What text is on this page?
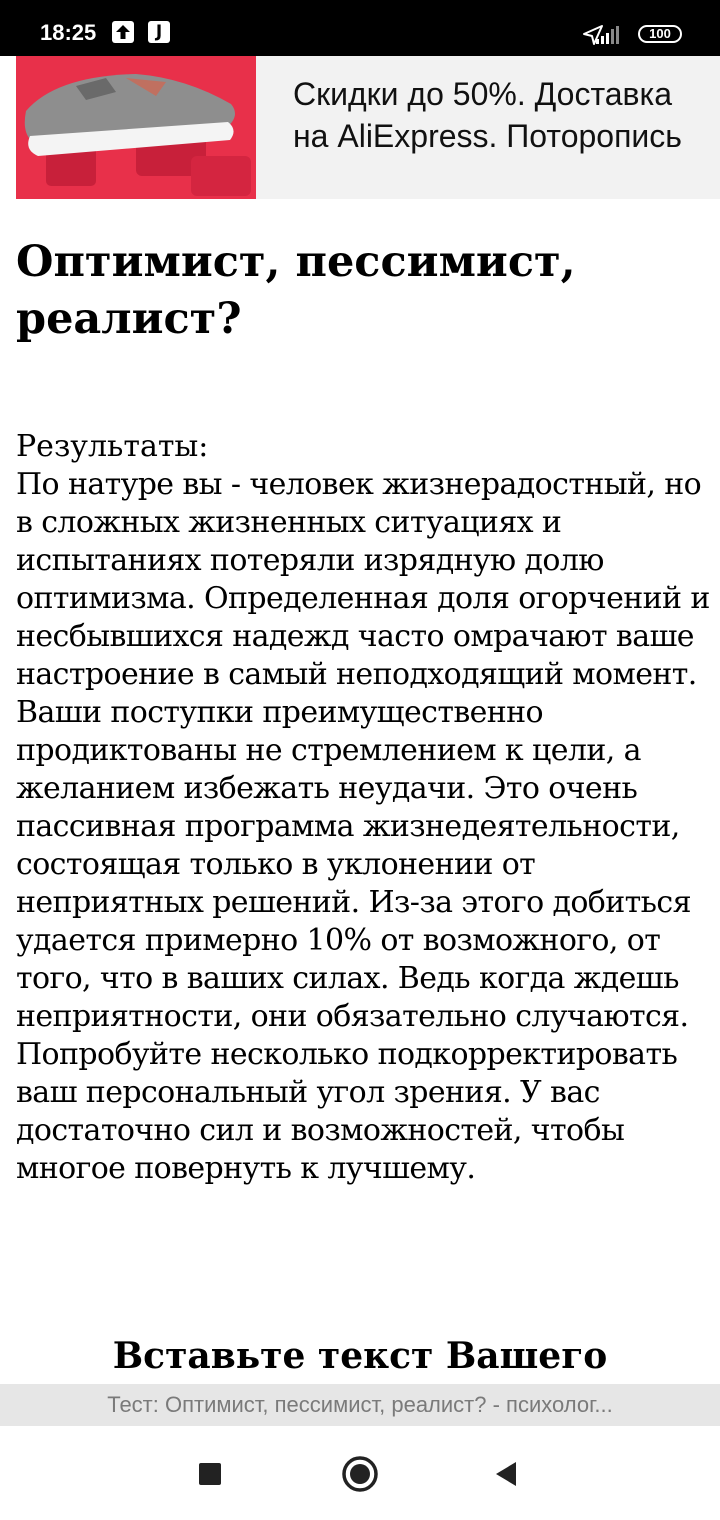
18:25	J	100
Скидки до 50%. Доставка
на AliExpress. Поторопись
Оптимист, пессимист, реалист?
Результаты:

По натуре вы - человек жизнерадостный, но в сложных жизненных ситуациях и испытаниях потеряли изрядную долю оптимизма. Определенная доля огорчений и несбывшихся надежд часто омрачают ваше настроение в самый неподходящий момент. Ваши поступки преимущественно продиктованы не стремлением к цели, а желанием избежать неудачи. Это очень пассивная программа жизнедеятельности, состоящая только в уклонении от неприятных решений. Из-за этого добиться удается примерно 10% от возможного, от того, что в ваших силах. Ведь когда ждешь неприятности, они обязательно случаются. Попробуйте несколько подкорректировать ваш персональный угол зрения. У вас достаточно сил и возможностей, чтобы многое повернуть к лучшему.

Вставьте текст Вашего
Тест: Оптимист, пессимист, реалист? - психолог...
